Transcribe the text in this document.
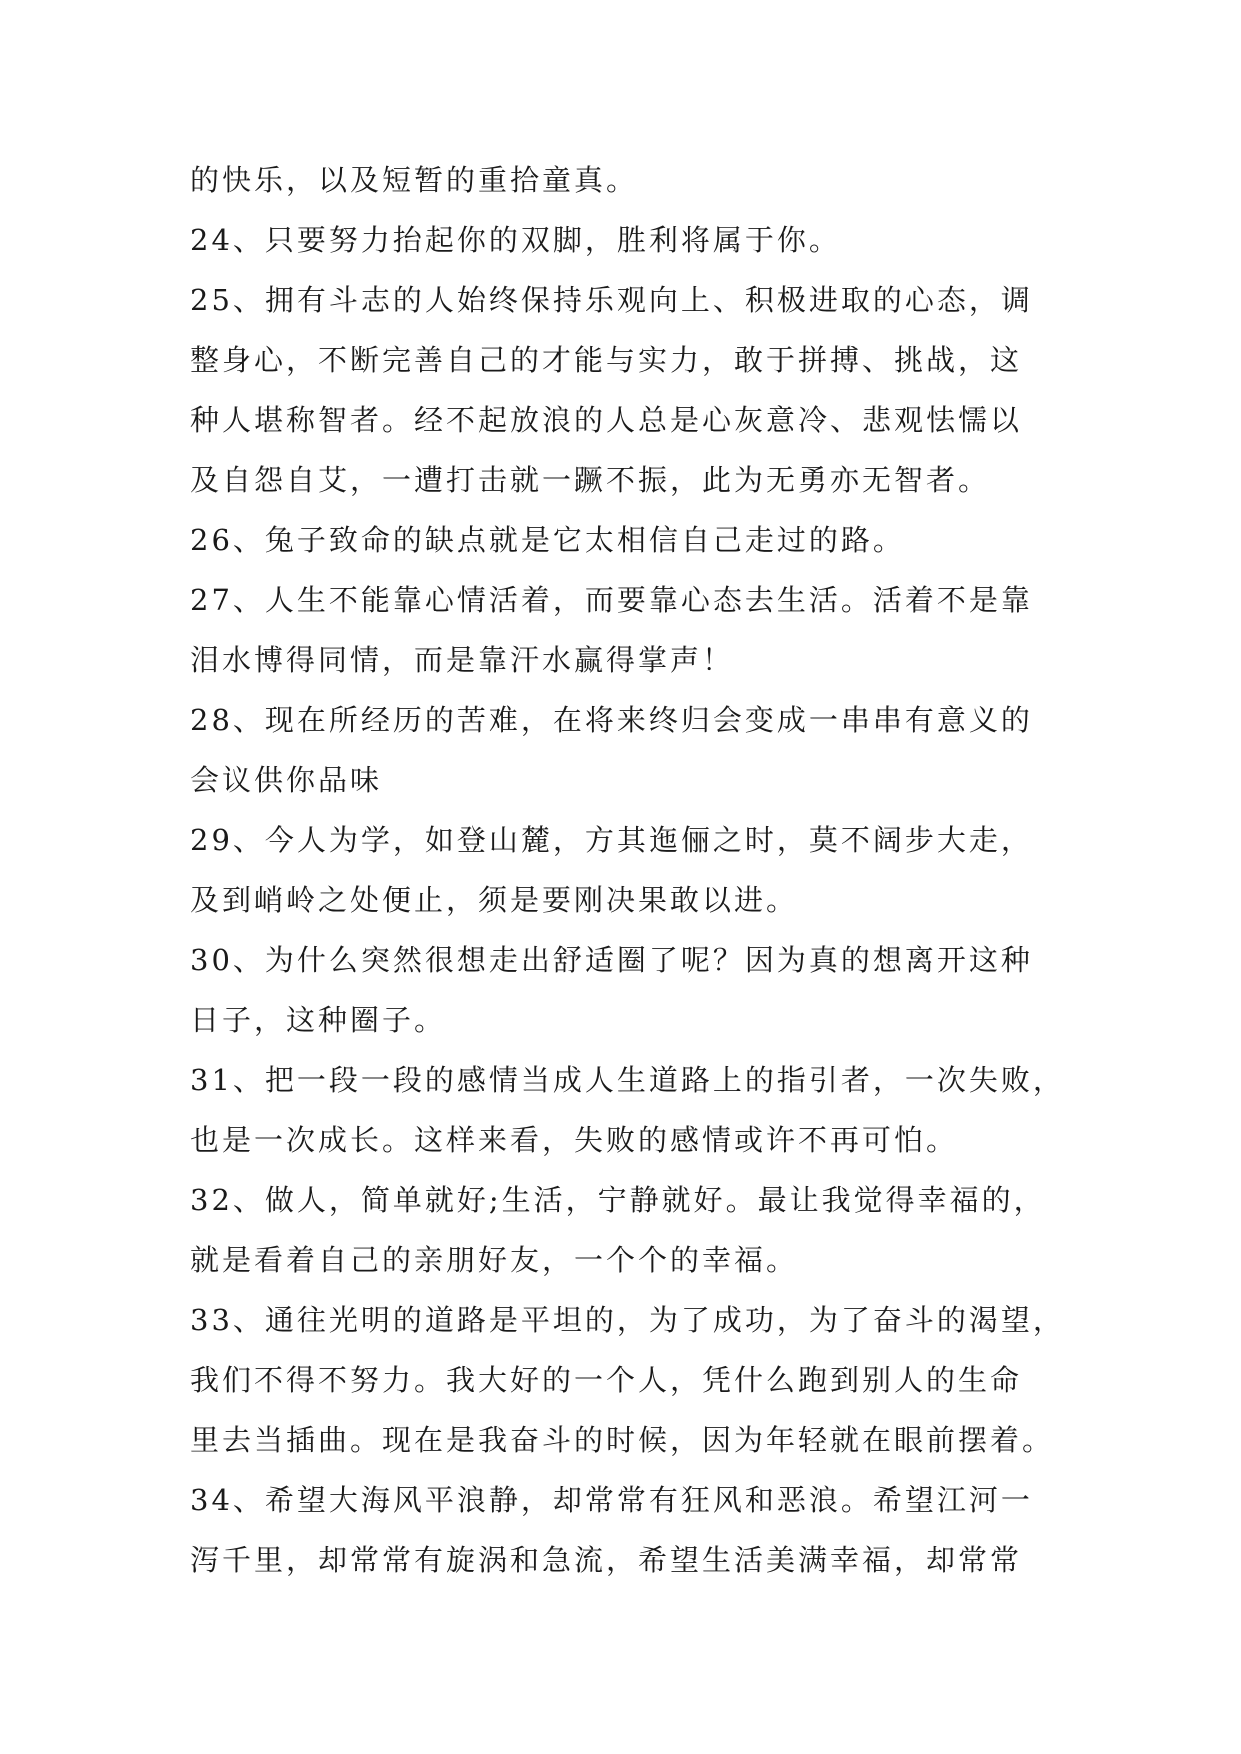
的快乐，以及短暂的重拾童真。
24、只要努力抬起你的双脚，胜利将属于你。
25、拥有斗志的人始终保持乐观向上、积极进取的心态，调
整身心，不断完善自己的才能与实力，敢于拼搏、挑战，这
种人堪称智者。经不起放浪的人总是心灰意冷、悲观怯懦以
及自怨自艾，一遭打击就一蹶不振，此为无勇亦无智者。
26、兔子致命的缺点就是它太相信自己走过的路。
27、人生不能靠心情活着，而要靠心态去生活。活着不是靠
泪水博得同情，而是靠汗水赢得掌声！
28、现在所经历的苦难，在将来终归会变成一串串有意义的
会议供你品味
29、今人为学，如登山麓，方其迤俪之时，莫不阔步大走，
及到峭岭之处便止，须是要刚决果敢以进。
30、为什么突然很想走出舒适圈了呢？因为真的想离开这种
日子，这种圈子。
31、把一段一段的感情当成人生道路上的指引者，一次失败，
也是一次成长。这样来看，失败的感情或许不再可怕。
32、做人，简单就好;生活，宁静就好。最让我觉得幸福的，
就是看着自己的亲朋好友，一个个的幸福。
33、通往光明的道路是平坦的，为了成功，为了奋斗的渴望，
我们不得不努力。我大好的一个人，凭什么跑到别人的生命
里去当插曲。现在是我奋斗的时候，因为年轻就在眼前摆着。
34、希望大海风平浪静，却常常有狂风和恶浪。希望江河一
泻千里，却常常有旋涡和急流，希望生活美满幸福，却常常
